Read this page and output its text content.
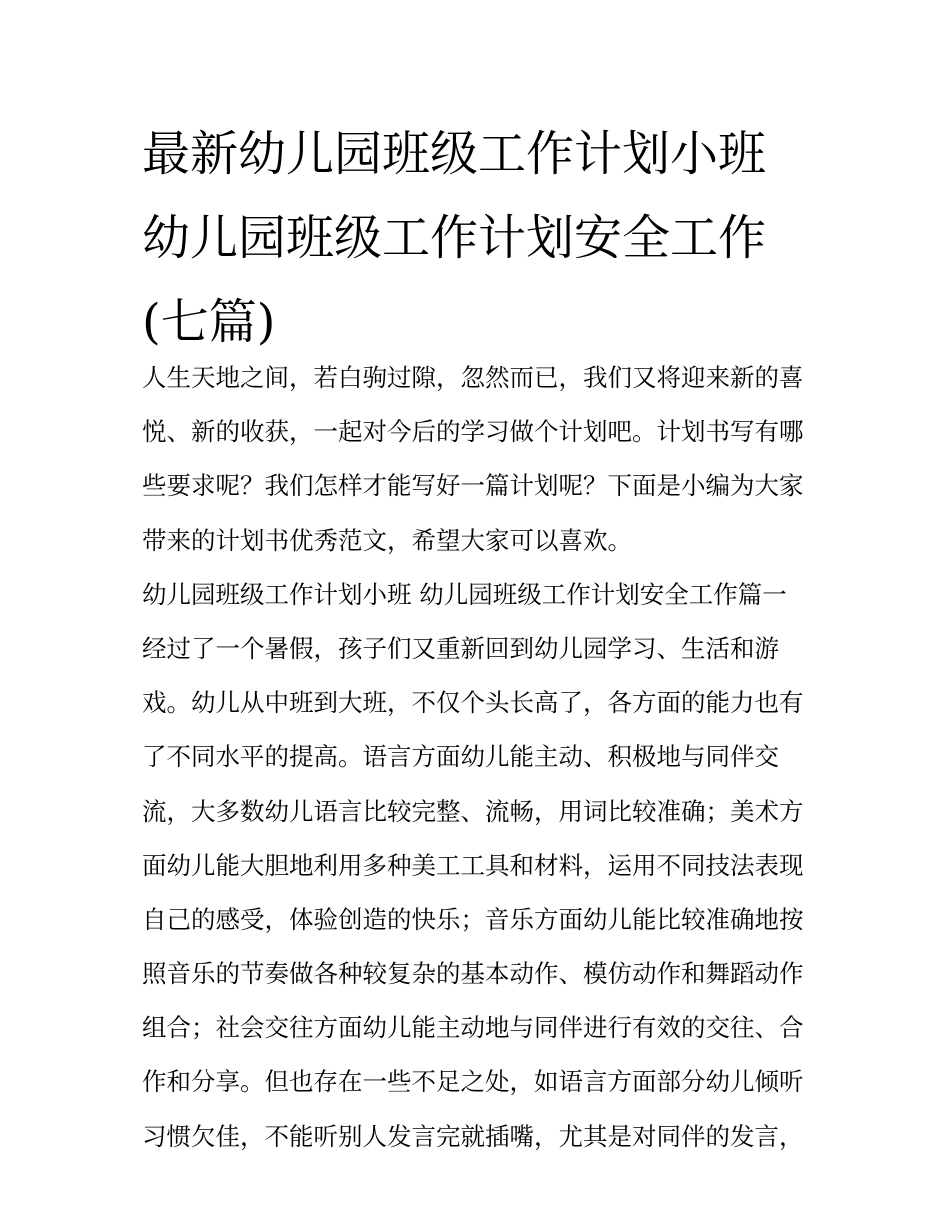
最新幼儿园班级工作计划小班
幼儿园班级工作计划安全工作
(七篇)
人生天地之间，若白驹过隙，忽然而已，我们又将迎来新的喜
悦、新的收获，一起对今后的学习做个计划吧。计划书写有哪
些要求呢？我们怎样才能写好一篇计划呢？下面是小编为大家
带来的计划书优秀范文，希望大家可以喜欢。
幼儿园班级工作计划小班 幼儿园班级工作计划安全工作篇一
经过了一个暑假，孩子们又重新回到幼儿园学习、生活和游
戏。幼儿从中班到大班，不仅个头长高了，各方面的能力也有
了不同水平的提高。语言方面幼儿能主动、积极地与同伴交
流，大多数幼儿语言比较完整、流畅，用词比较准确；美术方
面幼儿能大胆地利用多种美工工具和材料，运用不同技法表现
自己的感受，体验创造的快乐；音乐方面幼儿能比较准确地按
照音乐的节奏做各种较复杂的基本动作、模仿动作和舞蹈动作
组合；社会交往方面幼儿能主动地与同伴进行有效的交往、合
作和分享。但也存在一些不足之处，如语言方面部分幼儿倾听
习惯欠佳，不能听别人发言完就插嘴，尤其是对同伴的发言，
